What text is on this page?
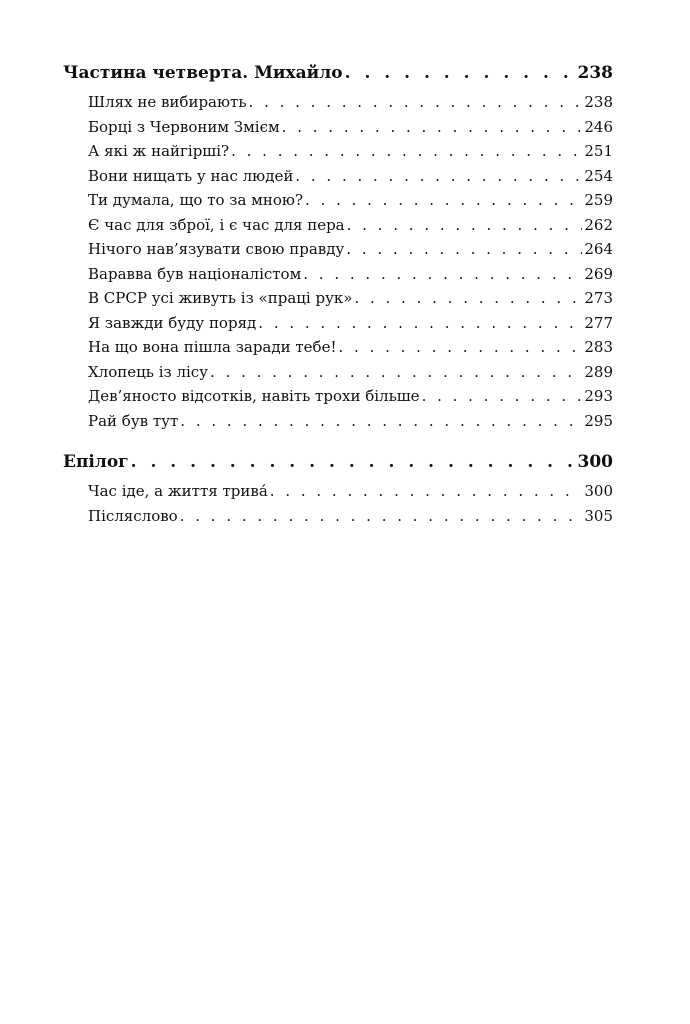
Частина четверта. Михайло . . .	238
Шлях не вибирають . . .	238
Борці з Червоним Змієм . . .	246
А які ж найгірші? . . .	251
Вони нищать у нас людей . . .	254
Ти думала, що то за мною? . . .	259
Є час для зброї, і є час для пера . . .	262
Нічого нав’язувати свою правду . . .	264
Варавва був націоналістом . . .	269
В СРСР усі живуть із «праці рук» . . .	273
Я завжди буду поряд . . .	277
На що вона пішла заради тебе! . . .	283
Хлопець із лісу . . .	289
Дев’яносто відсотків, навіть трохи більше . . .	293
Рай був тут . . .	295
Епілог . . .	300
Час іде, а життя трива́ . . .	300
Післяслово . . .	305
